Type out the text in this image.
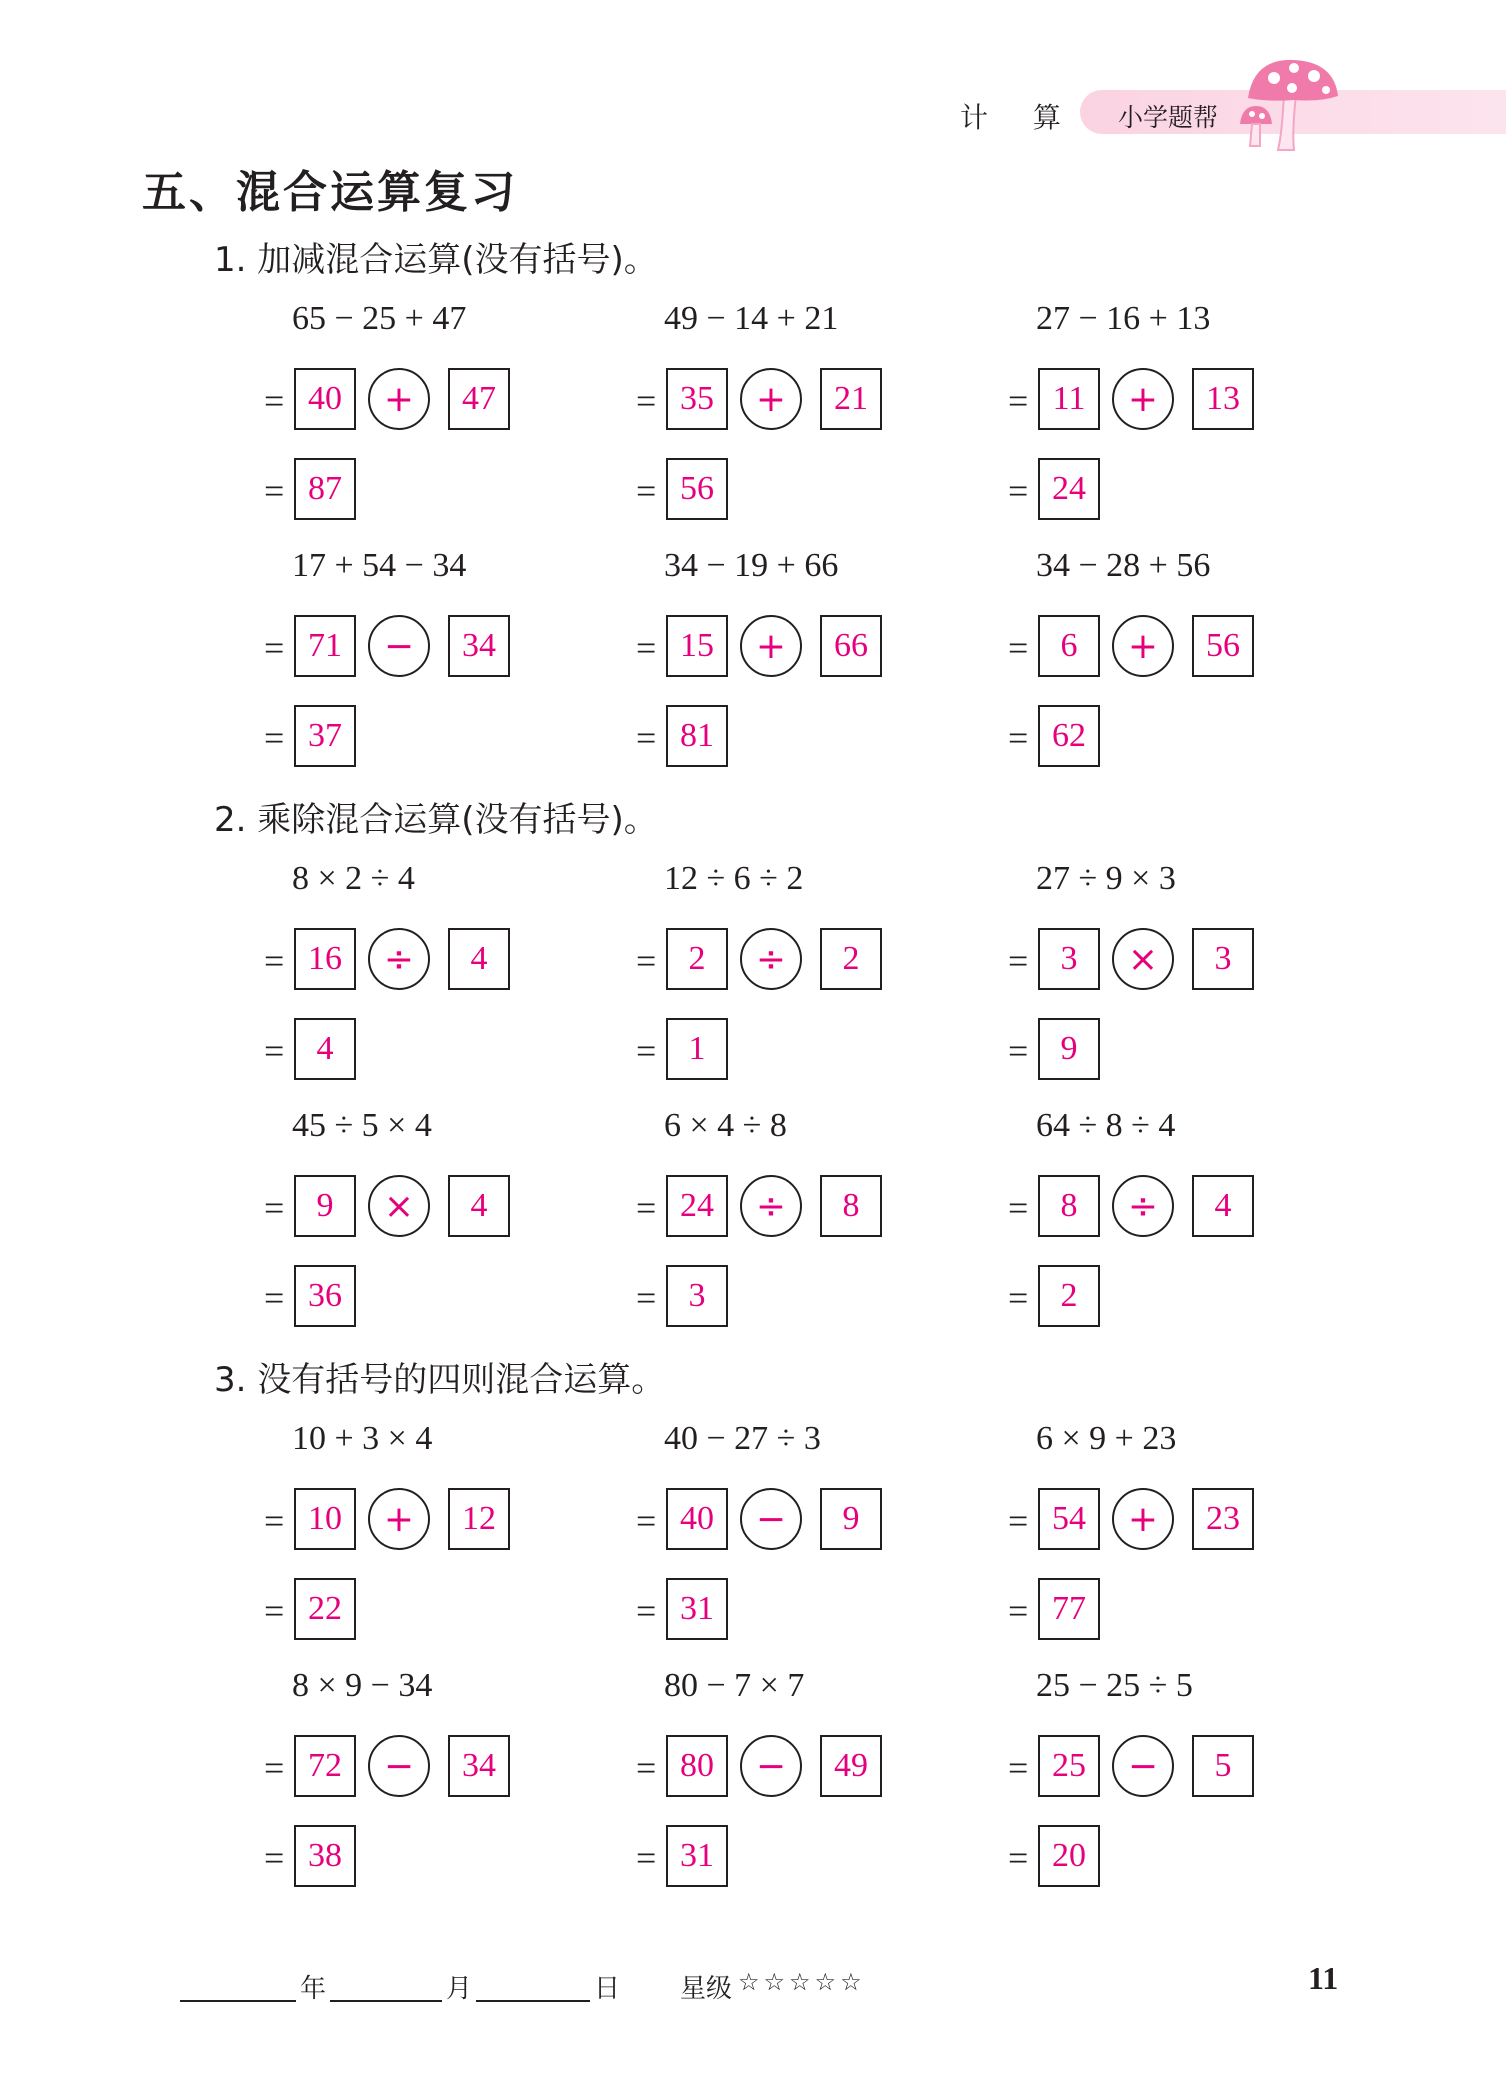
计 算 小学题帮
五、混合运算复习
1. 加减混合运算(没有括号)。
65 − 25 + 47
= 40	+	47
= 87
49 − 14 + 21
= 35	+	21
= 56
27 − 16 + 13
= 11	+	13
= 24
17 + 54 − 34
= 71	−	34
= 37
34 − 19 + 66
= 15	+	66
= 81
34 − 28 + 56
= 6	+	56
= 62
2. 乘除混合运算(没有括号)。
8 × 2 ÷ 4
= 16	÷	4
= 4
12 ÷ 6 ÷ 2
= 2	÷	2
= 1
27 ÷ 9 × 3
= 3	×	3
= 9
45 ÷ 5 × 4
= 9	×	4
= 36
6 × 4 ÷ 8
= 24	÷	8
= 3
64 ÷ 8 ÷ 4
= 8	÷	4
= 2
3. 没有括号的四则混合运算。
10 + 3 × 4
= 10	+	12
= 22
40 − 27 ÷ 3
= 40	−	9
= 31
6 × 9 + 23
= 54	+	23
= 77
8 × 9 − 34
= 72	−	34
= 38
80 − 7 × 7
= 80	−	49
= 31
25 − 25 ÷ 5
= 25	−	5
= 20
年	月	日 星级 ☆☆☆☆☆	11
